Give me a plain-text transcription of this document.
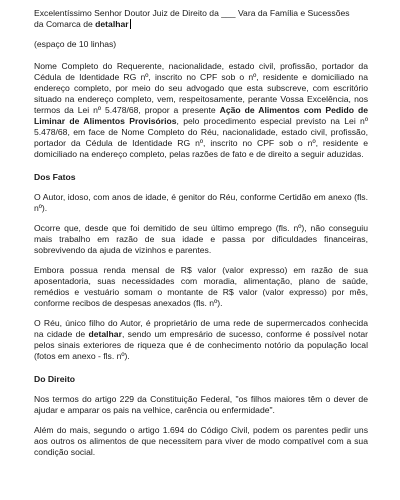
Excelentíssimo Senhor Doutor Juiz de Direito da ___ Vara da Família e Sucessões

da Comarca de detalhar

(espaço de 10 linhas)

Nome Completo do Requerente, nacionalidade, estado civil, profissão, portador da Cédula de Identidade RG nº, inscrito no CPF sob o nº, residente e domiciliado na endereço completo, por meio do seu advogado que esta subscreve, com escritório situado na endereço completo, vem, respeitosamente, perante Vossa Excelência, nos termos da Lei nº 5.478/68, propor a presente Ação de Alimentos com Pedido de Liminar de Alimentos Provisórios, pelo procedimento especial previsto na Lei nº 5.478/68, em face de Nome Completo do Réu, nacionalidade, estado civil, profissão, portador da Cédula de Identidade RG nº, inscrito no CPF sob o nº, residente e domiciliado na endereço completo, pelas razões de fato e de direito a seguir aduzidas.

Dos Fatos

O Autor, idoso, com anos de idade, é genitor do Réu, conforme Certidão em anexo (fls. nº).

Ocorre que, desde que foi demitido de seu último emprego (fls. nº), não conseguiu mais trabalho em razão de sua idade e passa por dificuldades financeiras, sobrevivendo da ajuda de vizinhos e parentes.

Embora possua renda mensal de R$ valor (valor expresso) em razão de sua aposentadoria, suas necessidades com moradia, alimentação, plano de saúde, remédios e vestuário somam o montante de R$ valor (valor expresso) por mês, conforme recibos de despesas anexados (fls. nº).

O Réu, único filho do Autor, é proprietário de uma rede de supermercados conhecida na cidade de detalhar, sendo um empresário de sucesso, conforme é possível notar pelos sinais exteriores de riqueza que é de conhecimento notório da população local (fotos em anexo - fls. nº).

Do Direito

Nos termos do artigo 229 da Constituição Federal, "os filhos maiores têm o dever de ajudar e amparar os pais na velhice, carência ou enfermidade".

Além do mais, segundo o artigo 1.694 do Código Civil, podem os parentes pedir uns aos outros os alimentos de que necessitem para viver de modo compatível com a sua condição social.
